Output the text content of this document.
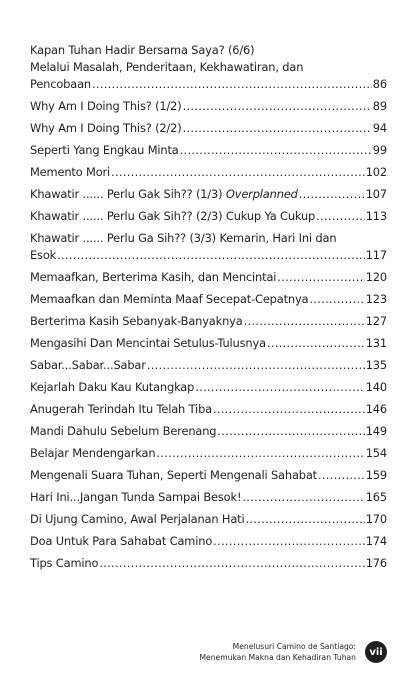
Kapan Tuhan Hadir Bersama Saya? (6/6)
Melalui Masalah, Penderitaan, Kekhawatiran, dan
Pencobaan .....	86
Why Am I Doing This? (1/2) .....	89
Why Am I Doing This? (2/2) .....	94
Seperti Yang Engkau Minta .....	99
Memento Mori .....	102
Khawatir ...... Perlu Gak Sih?? (1/3) Overplanned .....	107
Khawatir ...... Perlu Gak Sih?? (2/3) Cukup Ya Cukup .....	113
Khawatir ...... Perlu Ga Sih?? (3/3) Kemarin, Hari Ini dan
Esok .....	117
Memaafkan, Berterima Kasih, dan Mencintai .....	120
Memaafkan dan Meminta Maaf Secepat-Cepatnya .....	123
Berterima Kasih Sebanyak-Banyaknya .....	127
Mengasihi Dan Mencintai Setulus-Tulusnya .....	131
Sabar...Sabar...Sabar .....	135
Kejarlah Daku Kau Kutangkap .....	140
Anugerah Terindah Itu Telah Tiba .....	146
Mandi Dahulu Sebelum Berenang .....	149
Belajar Mendengarkan .....	154
Mengenali Suara Tuhan, Seperti Mengenali Sahabat .....	159
Hari Ini...Jangan Tunda Sampai Besok! .....	165
Di Ujung Camino, Awal Perjalanan Hati .....	170
Doa Untuk Para Sahabat Camino .....	174
Tips Camino .....	176
Menelusuri Camino de Santiago:
Menemukan Makna dan Kehadiran Tuhan	vii
